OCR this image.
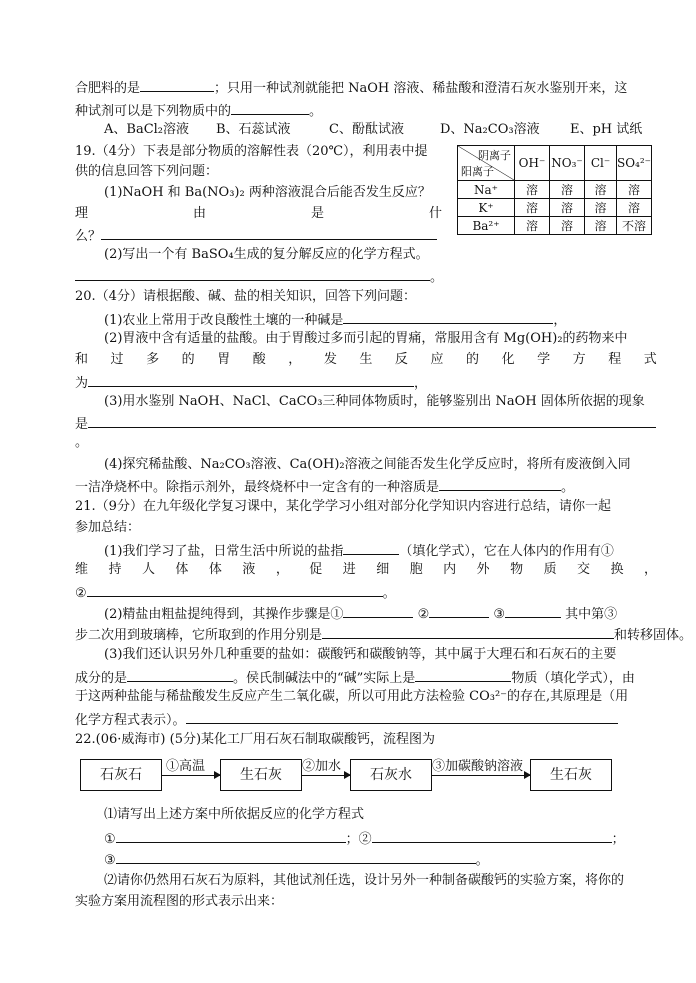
合肥料的是	；只用一种试剂就能把 NaOH 溶液、稀盐酸和澄清石灰水鉴别开来，这
种试剂可以是下列物质中的	。
A、BaCl₂溶液 B、石蕊试液	C、酚酞试液	D、Na₂CO₃溶液 E、pH 试纸
19.（4分）下表是部分物质的溶解性表（20℃），利用表中提
供的信息回答下列问题：
(1)NaOH 和 Ba(NO₃)₂ 两种溶液混合后能否发生反应？
理	由	是	什
么？
(2)写出一个有 BaSO₄生成的复分解反应的化学方程式。
。
阴离子
阳离子	OH⁻	NO₃⁻	Cl⁻	SO₄²⁻
Na⁺	溶	溶	溶	溶
K⁺	溶	溶	溶	溶
Ba²⁺	溶	溶	溶	不溶
20.（4分）请根据酸、碱、盐的相关知识，回答下列问题：
(1)农业上常用于改良酸性土壤的一种碱是	，
(2)胃液中含有适量的盐酸。由于胃酸过多而引起的胃痛，常服用含有 Mg(OH)₂的药物来中
和 过 多 的 胃 酸 ， 发 生 反 应 的 化 学 方 程 式
为	，
(3)用水鉴别 NaOH、NaCl、CaCO₃三种同体物质时，能够鉴别出 NaOH 固体所依据的现象
是
。
(4)探究稀盐酸、Na₂CO₃溶液、Ca(OH)₂溶液之间能否发生化学反应时，将所有废液倒入同
一洁净烧杯中。除指示剂外，最终烧杯中一定含有的一种溶质是	。
21.（9分）在九年级化学复习课中，某化学学习小组对部分化学知识内容进行总结，请你一起
参加总结：
(1)我们学习了盐，日常生活中所说的盐指	（填化学式），它在人体内的作用有①
维 持 人 体 体 液 ， 促 进 细 胞 内 外 物 质 交 换 ，
②	。
(2)精盐由粗盐提纯得到，其操作步骤是①	②	③	其中第③
步二次用到玻璃棒，它所取到的作用分别是	和转移固体。
(3)我们还认识另外几种重要的盐如：碳酸钙和碳酸钠等，其中属于大理石和石灰石的主要
成分的是	。侯氏制碱法中的“碱”实际上是	物质（填化学式），由
于这两种盐能与稀盐酸发生反应产生二氧化碳，所以可用此方法检验 CO₃²⁻的存在,其原理是（用
化学方程式表示）。
22.(06·威海市) (5分)某化工厂用石灰石制取碳酸钙，流程图为
石灰石
①高温
生石灰
②加水
石灰水
③加碳酸钠溶液
生石灰
⑴请写出上述方案中所依据反应的化学方程式
①	；②	；
③	。
⑵请你仍然用石灰石为原料，其他试剂任选，设计另外一种制备碳酸钙的实验方案，将你的
实验方案用流程图的形式表示出来：
